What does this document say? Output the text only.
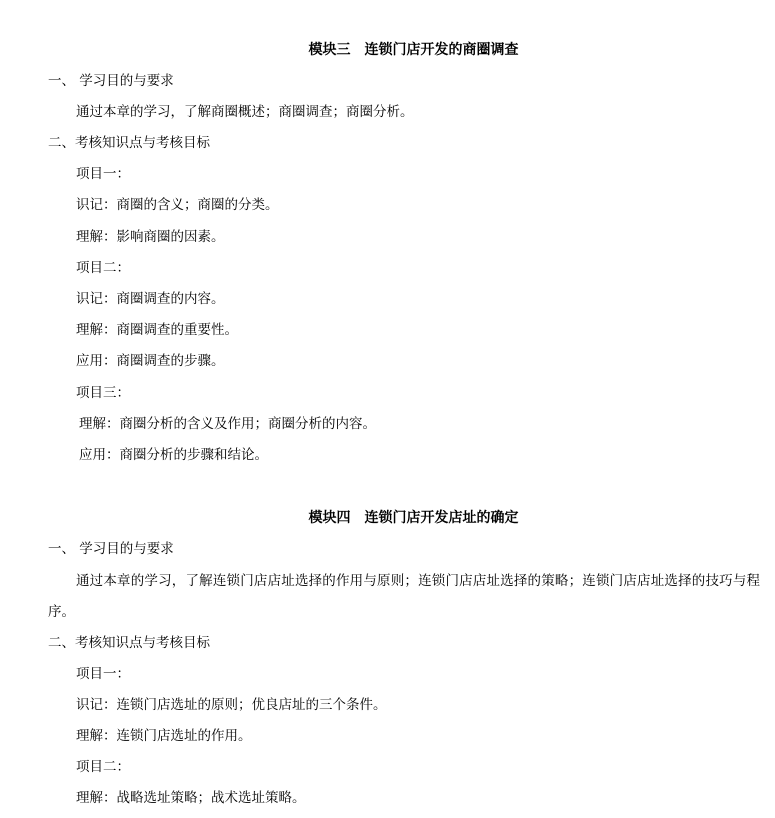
模块三　连锁门店开发的商圈调查
一、 学习目的与要求
通过本章的学习，了解商圈概述；商圈调查；商圈分析。
二、考核知识点与考核目标
项目一：
识记：商圈的含义；商圈的分类。
理解：影响商圈的因素。
项目二：
识记：商圈调查的内容。
理解：商圈调查的重要性。
应用：商圈调查的步骤。
项目三：
理解：商圈分析的含义及作用；商圈分析的内容。
应用：商圈分析的步骤和结论。
模块四　连锁门店开发店址的确定
一、 学习目的与要求
通过本章的学习，了解连锁门店店址选择的作用与原则；连锁门店店址选择的策略；连锁门店店址选择的技巧与程序。
二、考核知识点与考核目标
项目一：
识记：连锁门店选址的原则；优良店址的三个条件。
理解：连锁门店选址的作用。
项目二：
理解：战略选址策略；战术选址策略。
